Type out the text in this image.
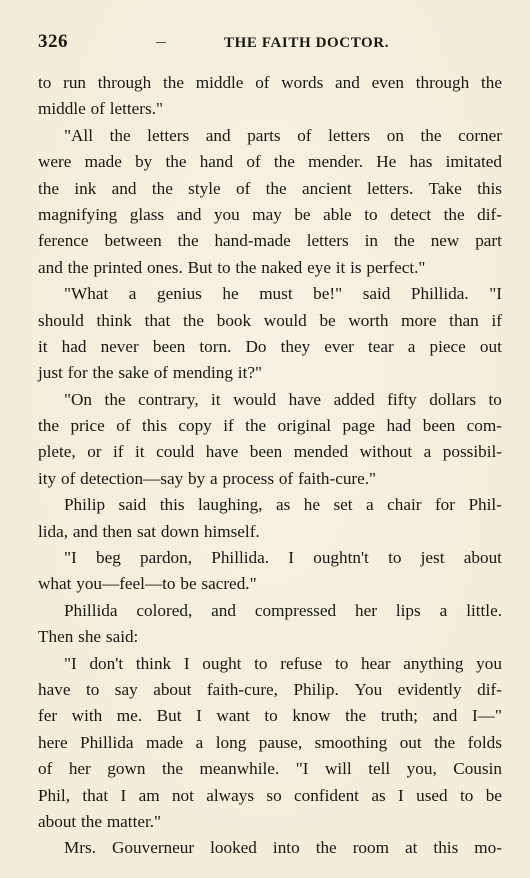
326	THE FAITH DOCTOR.
to run through the middle of words and even through the
middle of letters."
"All the letters and parts of letters on the corner
were made by the hand of the mender. He has imitated
the ink and the style of the ancient letters. Take this
magnifying glass and you may be able to detect the dif-
ference between the hand-made letters in the new part
and the printed ones. But to the naked eye it is perfect."
"What a genius he must be!" said Phillida. "I
should think that the book would be worth more than if
it had never been torn. Do they ever tear a piece out
just for the sake of mending it?"
"On the contrary, it would have added fifty dollars to
the price of this copy if the original page had been com-
plete, or if it could have been mended without a possibil-
ity of detection—say by a process of faith-cure."
Philip said this laughing, as he set a chair for Phil-
lida, and then sat down himself.
"I beg pardon, Phillida. I oughtn't to jest about
what you—feel—to be sacred."
Phillida colored, and compressed her lips a little.
Then she said:
"I don't think I ought to refuse to hear anything you
have to say about faith-cure, Philip. You evidently dif-
fer with me. But I want to know the truth; and I—"
here Phillida made a long pause, smoothing out the folds
of her gown the meanwhile. "I will tell you, Cousin
Phil, that I am not always so confident as I used to be
about the matter."
Mrs. Gouverneur looked into the room at this mo-
